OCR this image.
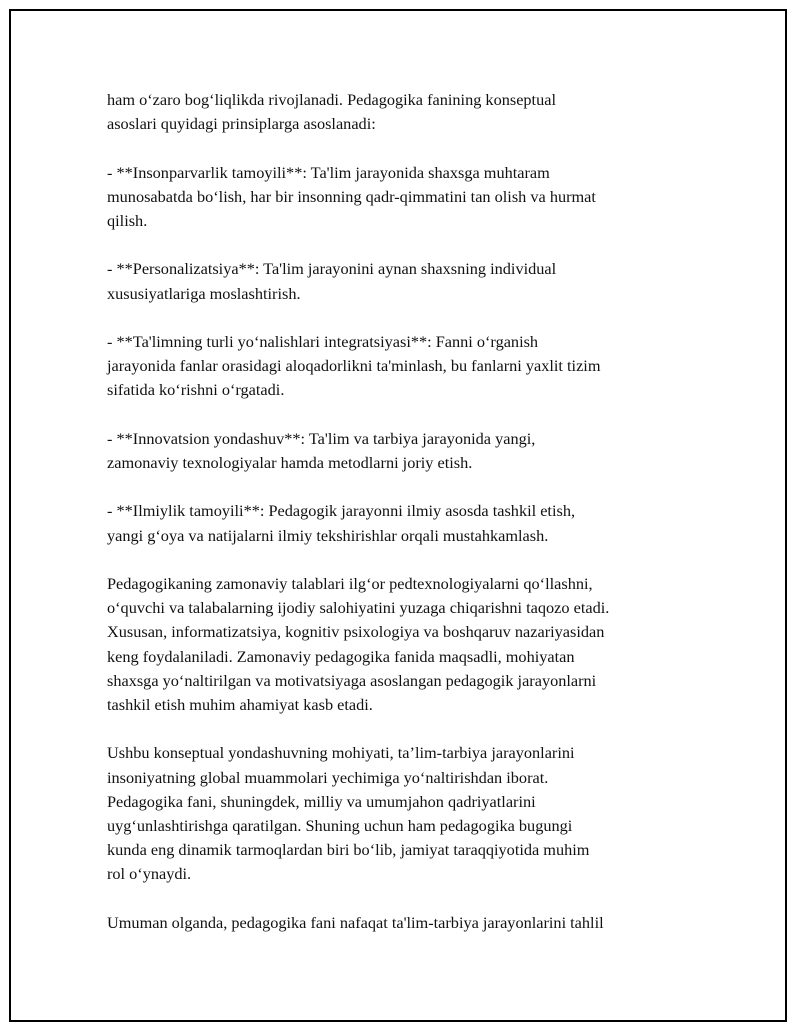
ham o‘zaro bog‘liqlikda rivojlanadi. Pedagogika fanining konseptual
asoslari quyidagi prinsiplarga asoslanadi:

- **Insonparvarlik tamoyili**: Ta'lim jarayonida shaxsga muhtaram
munosabatda bo‘lish, har bir insonning qadr-qimmatini tan olish va hurmat
qilish.

- **Personalizatsiya**: Ta'lim jarayonini aynan shaxsning individual
xususiyatlariga moslashtirish.

- **Ta'limning turli yo‘nalishlari integratsiyasi**: Fanni o‘rganish
jarayonida fanlar orasidagi aloqadorlikni ta'minlash, bu fanlarni yaxlit tizim
sifatida ko‘rishni o‘rgatadi.

- **Innovatsion yondashuv**: Ta'lim va tarbiya jarayonida yangi,
zamonaviy texnologiyalar hamda metodlarni joriy etish.

- **Ilmiylik tamoyili**: Pedagogik jarayonni ilmiy asosda tashkil etish,
yangi g‘oya va natijalarni ilmiy tekshirishlar orqali mustahkamlash.

Pedagogikaning zamonaviy talablari ilg‘or pedtexnologiyalarni qo‘llashni,
o‘quvchi va talabalarning ijodiy salohiyatini yuzaga chiqarishni taqozo etadi.
Xususan, informatizatsiya, kognitiv psixologiya va boshqaruv nazariyasidan
keng foydalaniladi. Zamonaviy pedagogika fanida maqsadli, mohiyatan
shaxsga yo‘naltirilgan va motivatsiyaga asoslangan pedagogik jarayonlarni
tashkil etish muhim ahamiyat kasb etadi.

Ushbu konseptual yondashuvning mohiyati, ta’lim-tarbiya jarayonlarini
insoniyatning global muammolari yechimiga yo‘naltirishdan iborat.
Pedagogika fani, shuningdek, milliy va umumjahon qadriyatlarini
uyg‘unlashtirishga qaratilgan. Shuning uchun ham pedagogika bugungi
kunda eng dinamik tarmoqlardan biri bo‘lib, jamiyat taraqqiyotida muhim
rol o‘ynaydi.

Umuman olganda, pedagogika fani nafaqat ta'lim-tarbiya jarayonlarini tahlil
